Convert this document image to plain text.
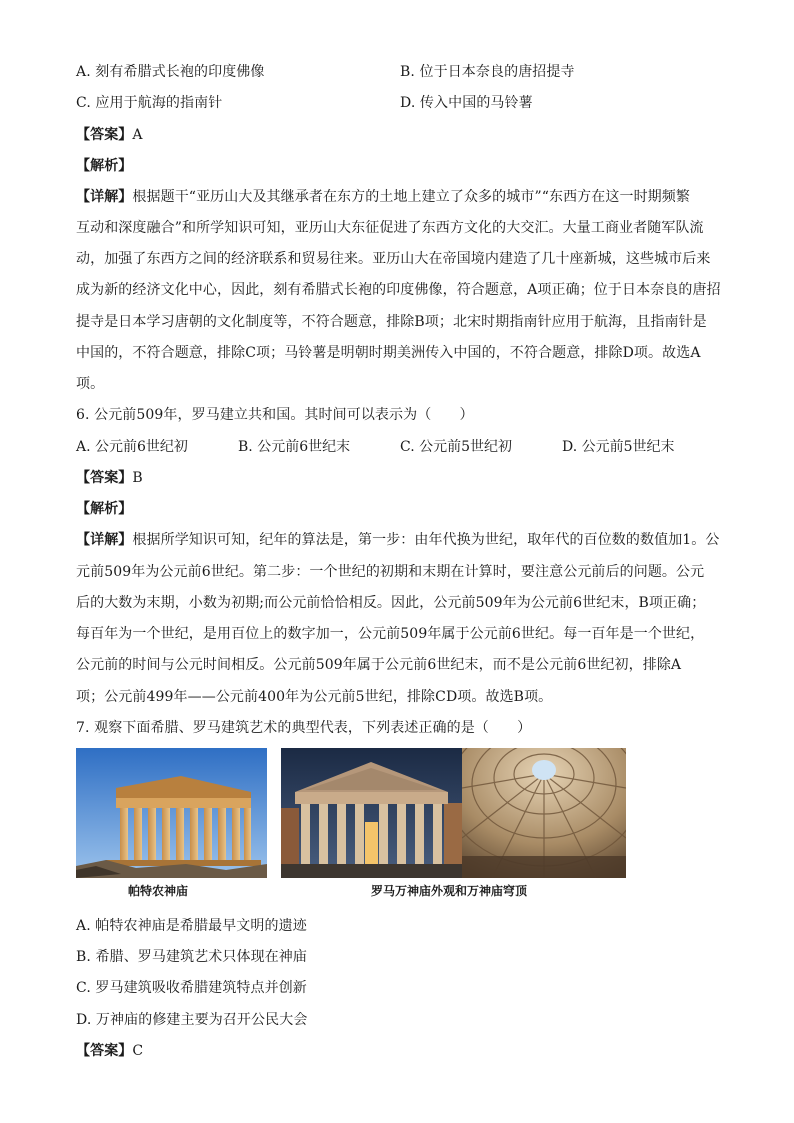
A. 刻有希腊式长袍的印度佛像	B. 位于日本奈良的唐招提寺
C. 应用于航海的指南针	D. 传入中国的马铃薯
【答案】A
【解析】
【详解】根据题干“亚历山大及其继承者在东方的土地上建立了众多的城市”“东西方在这一时期频繁
互动和深度融合”和所学知识可知，亚历山大东征促进了东西方文化的大交汇。大量工商业者随军队流
动，加强了东西方之间的经济联系和贸易往来。亚历山大在帝国境内建造了几十座新城，这些城市后来
成为新的经济文化中心，因此，刻有希腊式长袍的印度佛像，符合题意，A项正确；位于日本奈良的唐招
提寺是日本学习唐朝的文化制度等，不符合题意，排除B项；北宋时期指南针应用于航海，且指南针是
中国的，不符合题意，排除C项；马铃薯是明朝时期美洲传入中国的，不符合题意，排除D项。故选A
项。
6. 公元前509年，罗马建立共和国。其时间可以表示为（　　）
A. 公元前6世纪初	B. 公元前6世纪末	C. 公元前5世纪初	D. 公元前5世纪末
【答案】B
【解析】
【详解】根据所学知识可知，纪年的算法是，第一步：由年代换为世纪，取年代的百位数的数值加1。公
元前509年为公元前6世纪。第二步：一个世纪的初期和末期在计算时，要注意公元前后的问题。公元
后的大数为末期，小数为初期;而公元前恰恰相反。因此，公元前509年为公元前6世纪末，B项正确；
每百年为一个世纪，是用百位上的数字加一，公元前509年属于公元前6世纪。每一百年是一个世纪，
公元前的时间与公元时间相反。公元前509年属于公元前6世纪末，而不是公元前6世纪初，排除A
项；公元前499年——公元前400年为公元前5世纪，排除CD项。故选B项。
7. 观察下面希腊、罗马建筑艺术的典型代表，下列表述正确的是（　　）
帕特农神庙	罗马万神庙外观和万神庙穹顶
A. 帕特农神庙是希腊最早文明的遗迹
B. 希腊、罗马建筑艺术只体现在神庙
C. 罗马建筑吸收希腊建筑特点并创新
D. 万神庙的修建主要为召开公民大会
【答案】C
